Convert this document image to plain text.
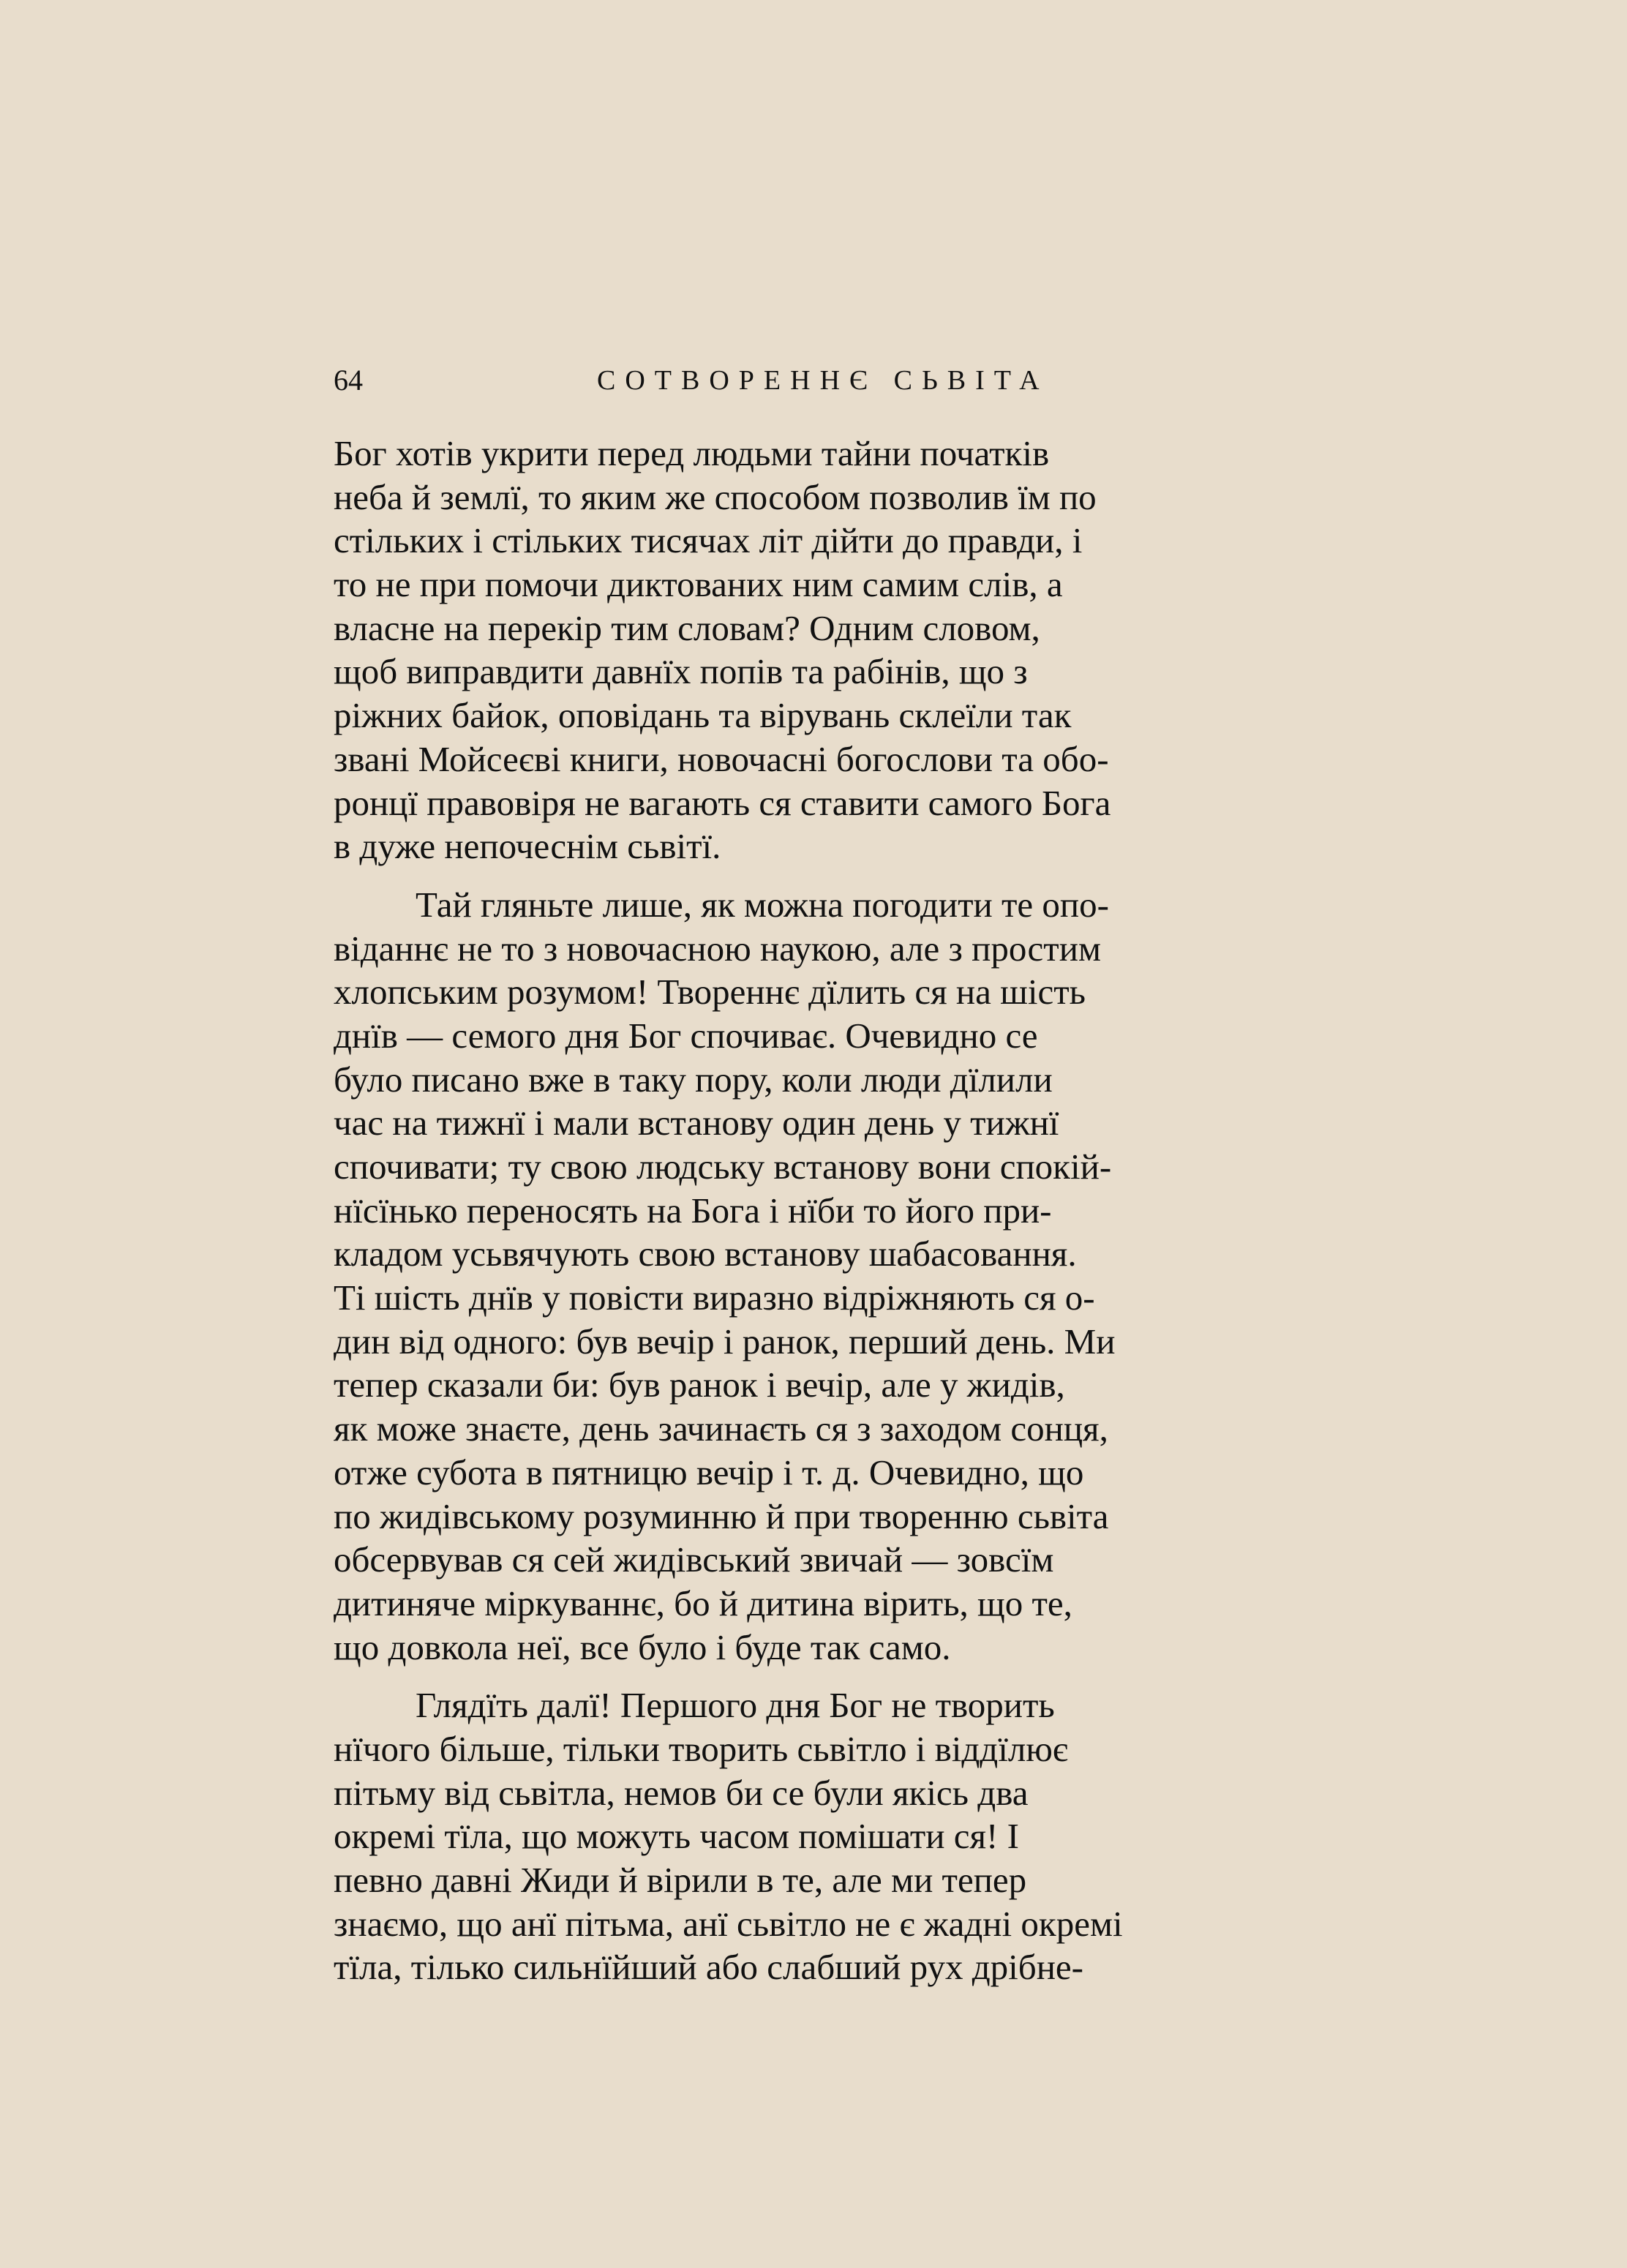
64	СОТВОРЕННЄ СЬВІТА
Бог хотів укрити перед людьми тайни початків
неба й землї, то яким же способом позволив їм по
стільких і стільких тисячах літ дійти до правди, і
то не при помочи диктованих ним самим слів, а
власне на перекір тим словам? Одним словом,
щоб виправдити давнїх попів та рабінів, що з
ріжних байок, оповідань та вірувань склеїли так
звані Мойсеєві книги, новочасні богослови та обо-
ронцї правовіря не вагають ся ставити самого Бога
в дуже непочеснім сьвітї.
Тай гляньте лише, як можна погодити те опо-
віданнє не то з новочасною наукою, але з простим
хлопським розумом! Твореннє дїлить ся на шість
днїв — семого дня Бог спочиває. Очевидно се
було писано вже в таку пору, коли люди дїлили
час на тижнї і мали встанову один день у тижнї
спочивати; ту свою людську встанову вони спокій-
нїсїнько переносять на Бога і нїби то його при-
кладом усьвячують свою встанову шабасовання.
Ті шість днїв у повісти виразно відріжняють ся о-
дин від одного: був вечір і ранок, перший день. Ми
тепер сказали би: був ранок і вечір, але у жидів,
як може знаєте, день зачинаєть ся з заходом сонця,
отже субота в пятницю вечір і т. д. Очевидно, що
по жидівському розуминню й при творенню сьвіта
обсервував ся сей жидівський звичай — зовсїм
дитиняче міркуваннє, бо й дитина вірить, що те,
що довкола неї, все було і буде так само.
Глядїть далї! Першого дня Бог не творить
нїчого більше, тільки творить сьвітло і віддїлює
пітьму від сьвітла, немов би се були якісь два
окремі тїла, що можуть часом помішати ся! І
певно давні Жиди й вірили в те, але ми тепер
знаємо, що анї пітьма, анї сьвітло не є жадні окремі
тїла, тілько сильнїйший або слабший рух дрібне-
